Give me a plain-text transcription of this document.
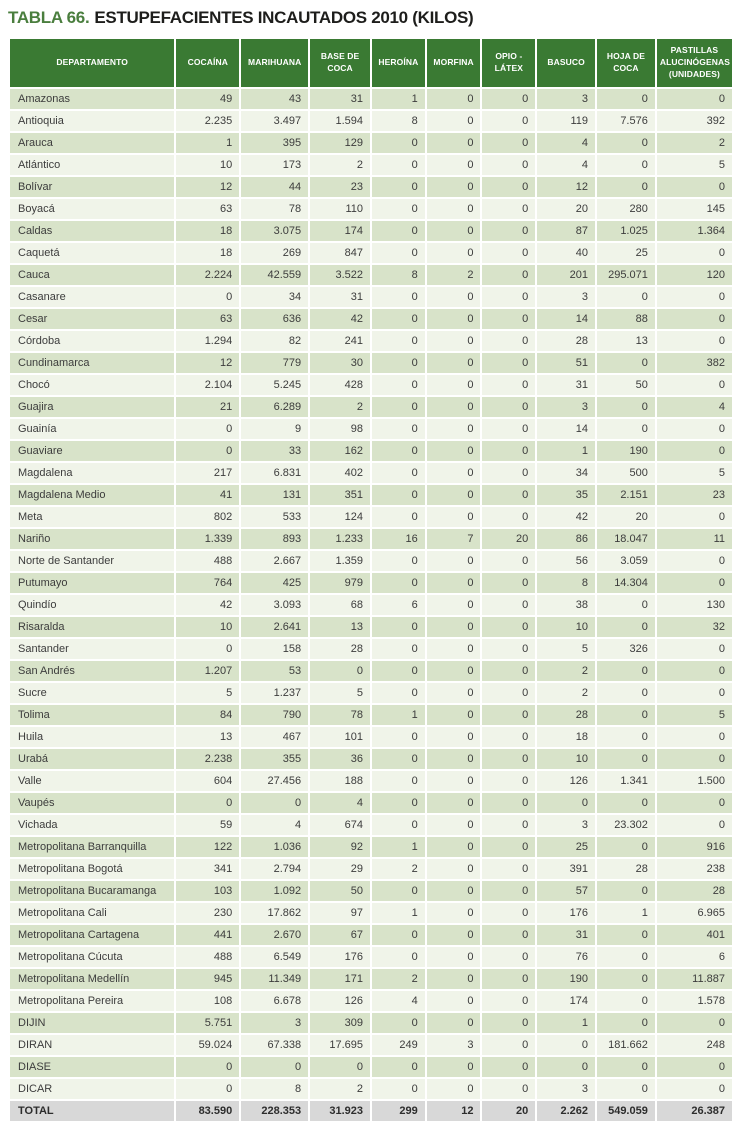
TABLA 66. ESTUPEFACIENTES INCAUTADOS 2010 (KILOS)
DEPARTAMENTO	COCAÍNA	MARIHUANA	BASE DE COCA	HEROÍNA	MORFINA	OPIO - LÁTEX	BASUCO	HOJA DE COCA	PASTILLAS ALUCINÓGENAS (UNIDADES)
Amazonas	49	43	31	1	0	0	3	0	0
Antioquia	2.235	3.497	1.594	8	0	0	119	7.576	392
Arauca	1	395	129	0	0	0	4	0	2
Atlántico	10	173	2	0	0	0	4	0	5
Bolívar	12	44	23	0	0	0	12	0	0
Boyacá	63	78	110	0	0	0	20	280	145
Caldas	18	3.075	174	0	0	0	87	1.025	1.364
Caquetá	18	269	847	0	0	0	40	25	0
Cauca	2.224	42.559	3.522	8	2	0	201	295.071	120
Casanare	0	34	31	0	0	0	3	0	0
Cesar	63	636	42	0	0	0	14	88	0
Córdoba	1.294	82	241	0	0	0	28	13	0
Cundinamarca	12	779	30	0	0	0	51	0	382
Chocó	2.104	5.245	428	0	0	0	31	50	0
Guajira	21	6.289	2	0	0	0	3	0	4
Guainía	0	9	98	0	0	0	14	0	0
Guaviare	0	33	162	0	0	0	1	190	0
Magdalena	217	6.831	402	0	0	0	34	500	5
Magdalena Medio	41	131	351	0	0	0	35	2.151	23
Meta	802	533	124	0	0	0	42	20	0
Nariño	1.339	893	1.233	16	7	20	86	18.047	11
Norte de Santander	488	2.667	1.359	0	0	0	56	3.059	0
Putumayo	764	425	979	0	0	0	8	14.304	0
Quindío	42	3.093	68	6	0	0	38	0	130
Risaralda	10	2.641	13	0	0	0	10	0	32
Santander	0	158	28	0	0	0	5	326	0
San Andrés	1.207	53	0	0	0	0	2	0	0
Sucre	5	1.237	5	0	0	0	2	0	0
Tolima	84	790	78	1	0	0	28	0	5
Huila	13	467	101	0	0	0	18	0	0
Urabá	2.238	355	36	0	0	0	10	0	0
Valle	604	27.456	188	0	0	0	126	1.341	1.500
Vaupés	0	0	4	0	0	0	0	0	0
Vichada	59	4	674	0	0	0	3	23.302	0
Metropolitana Barranquilla	122	1.036	92	1	0	0	25	0	916
Metropolitana Bogotá	341	2.794	29	2	0	0	391	28	238
Metropolitana Bucaramanga	103	1.092	50	0	0	0	57	0	28
Metropolitana Cali	230	17.862	97	1	0	0	176	1	6.965
Metropolitana Cartagena	441	2.670	67	0	0	0	31	0	401
Metropolitana Cúcuta	488	6.549	176	0	0	0	76	0	6
Metropolitana Medellín	945	11.349	171	2	0	0	190	0	11.887
Metropolitana Pereira	108	6.678	126	4	0	0	174	0	1.578
DIJIN	5.751	3	309	0	0	0	1	0	0
DIRAN	59.024	67.338	17.695	249	3	0	0	181.662	248
DIASE	0	0	0	0	0	0	0	0	0
DICAR	0	8	2	0	0	0	3	0	0
TOTAL	83.590	228.353	31.923	299	12	20	2.262	549.059	26.387
